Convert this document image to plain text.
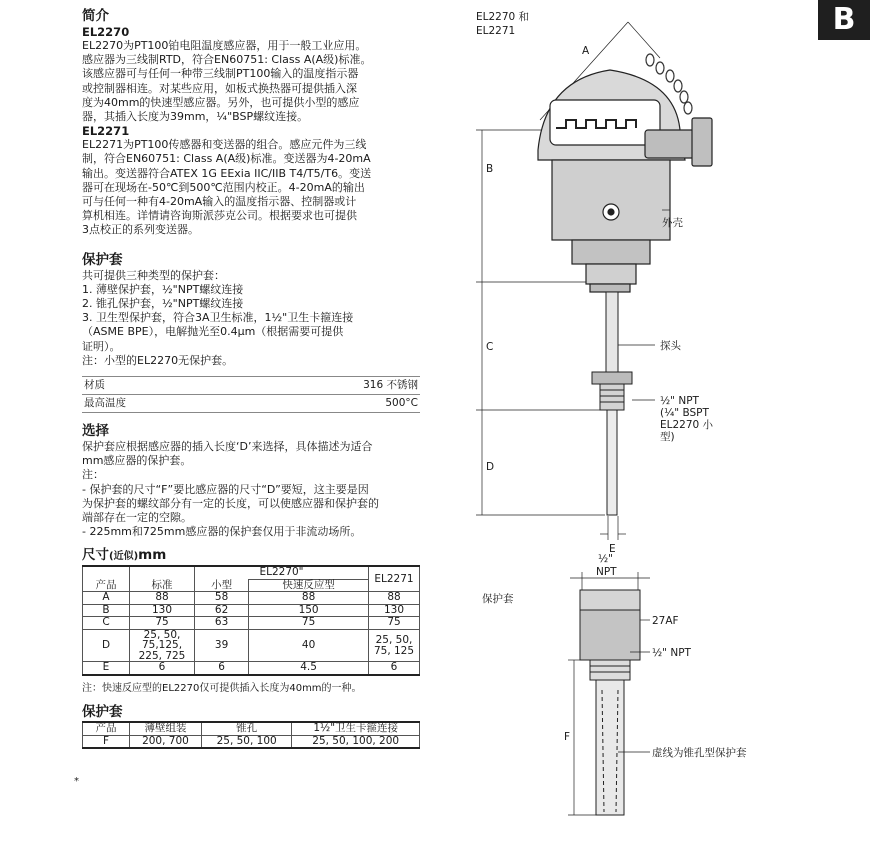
B

简介

EL2270

EL2270为PT100铂电阻温度感应器，用于一般工业应用。

感应器为三线制RTD，符合EN60751: Class A(A级)标准。

该感应器可与任何一种带三线制PT100输入的温度指示器

或控制器相连。对某些应用，如板式换热器可提供插入深

度为40mm的快速型感应器。另外，也可提供小型的感应

器，其插入长度为39mm，¼"BSP螺纹连接。

EL2271

EL2271为PT100传感器和变送器的组合。感应元件为三线

制，符合EN60751: Class A(A级)标准。变送器为4-20mA

输出。变送器符合ATEX 1G EExia IIC/IIB T4/T5/T6。变送

器可在现场在-50℃到500℃范围内校正。4-20mA的输出

可与任何一种有4-20mA输入的温度指示器、控制器或计

算机相连。详情请咨询斯派莎克公司。根据要求也可提供

3点校正的系列变送器。

保护套

共可提供三种类型的保护套：

1. 薄壁保护套，½"NPT螺纹连接

2. 锥孔保护套，½"NPT螺纹连接

3. 卫生型保护套，符合3A卫生标准，1½"卫生卡箍连接

（ASME BPE），电解抛光至0.4μm（根据需要可提供

证明）。

注：小型的EL2270无保护套。

材质	316 不锈钢
最高温度	500°C

选择

保护套应根据感应器的插入长度‘D’来选择，具体描述为适合

mm感应器的保护套。

注：

- 保护套的尺寸“F”要比感应器的尺寸“D”要短，这主要是因

为保护套的螺纹部分有一定的长度，可以使感应器和保护套的

端部存在一定的空隙。

- 225mm和725mm感应器的保护套仅用于非流动场所。

尺寸(近似)mm

		EL2270"		EL2271
产品	标准	小型	快速反应型	
A	88	58	88	88
B	130	62	150	130
C	75	63	75	75
D	25, 50,
75,125,
225, 725	39	40	25, 50,
75, 125
E	6	6	4.5	6

注：快速反应型的EL2270仅可提供插入长度为40mm的一种。

保护套

产品	薄壁组装	锥孔	1½"卫生卡箍连接
F	200, 700	25, 50, 100	25, 50, 100, 200
*
EL2270 和
EL2271
A
B
C
D
E
外壳
探头
½" NPT
(¼" BSPT
EL2270 小
型)
保护套
½"
NPT
27AF
½" NPT
F
虚线为锥孔型保护套
